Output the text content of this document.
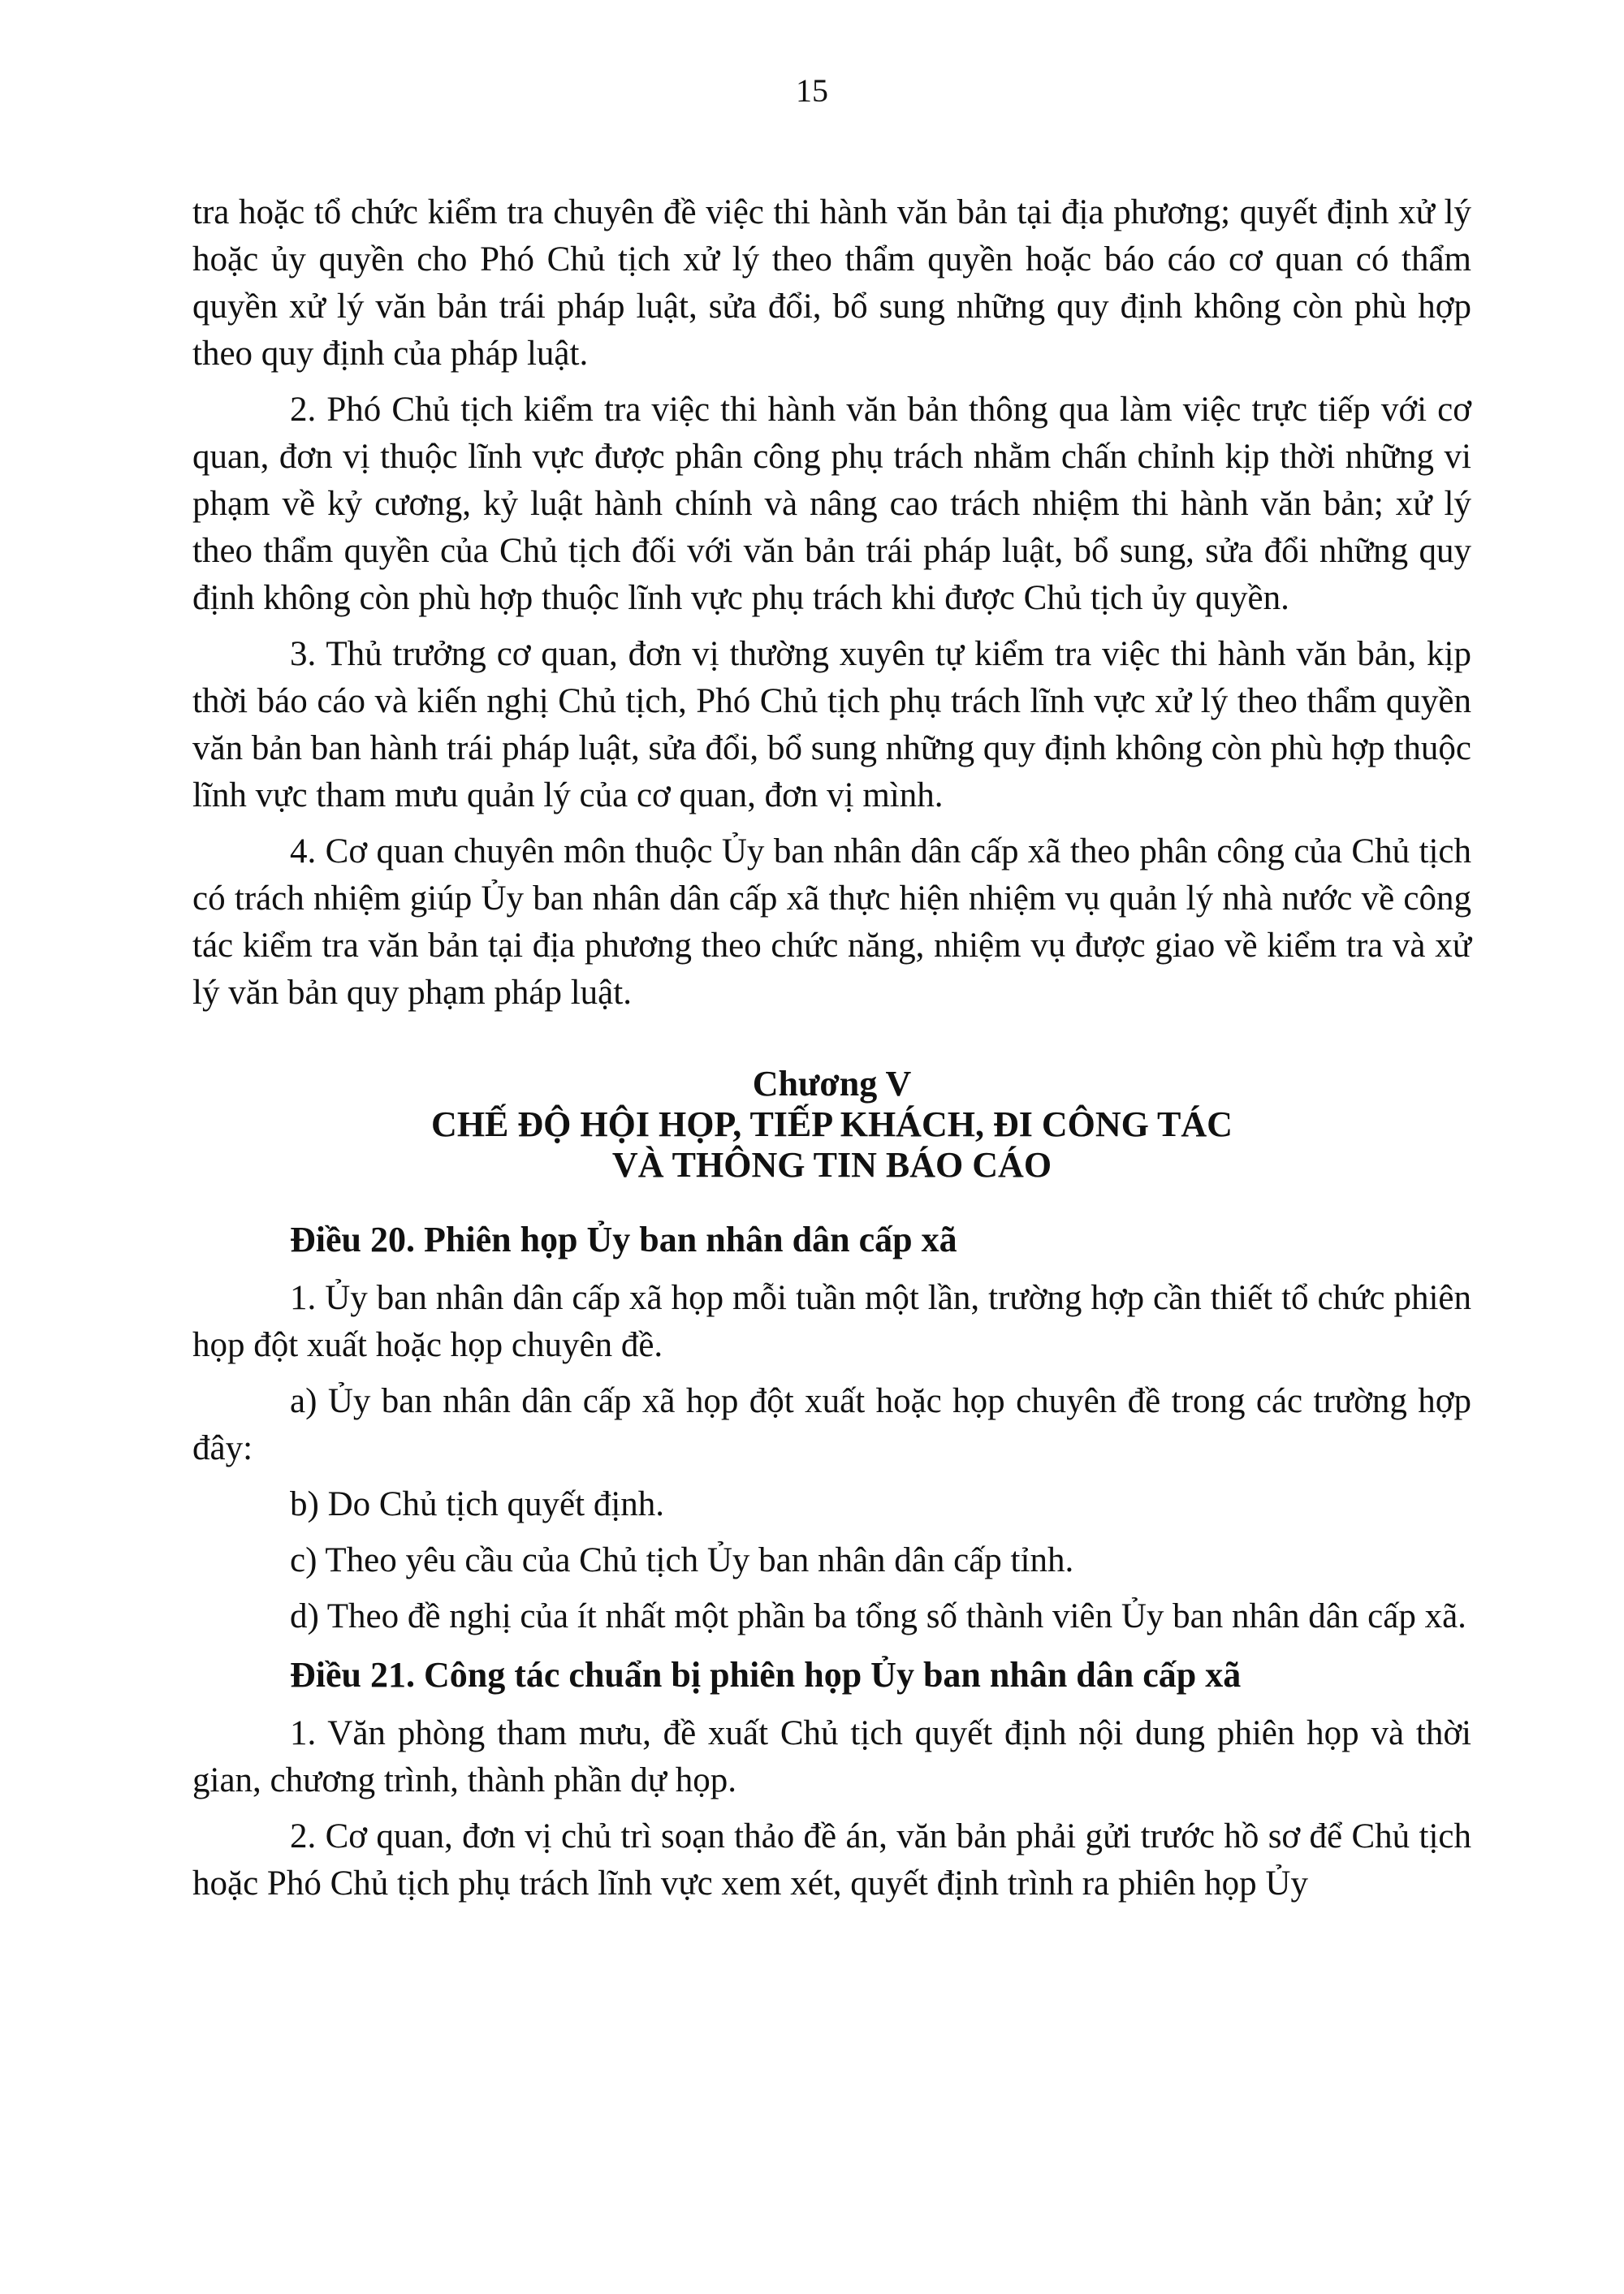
15

tra hoặc tổ chức kiểm tra chuyên đề việc thi hành văn bản tại địa phương; quyết định xử lý hoặc ủy quyền cho Phó Chủ tịch xử lý theo thẩm quyền hoặc báo cáo cơ quan có thẩm quyền xử lý văn bản trái pháp luật, sửa đổi, bổ sung những quy định không còn phù hợp theo quy định của pháp luật.

2. Phó Chủ tịch kiểm tra việc thi hành văn bản thông qua làm việc trực tiếp với cơ quan, đơn vị thuộc lĩnh vực được phân công phụ trách nhằm chấn chỉnh kịp thời những vi phạm về kỷ cương, kỷ luật hành chính và nâng cao trách nhiệm thi hành văn bản; xử lý theo thẩm quyền của Chủ tịch đối với văn bản trái pháp luật, bổ sung, sửa đổi những quy định không còn phù hợp thuộc lĩnh vực phụ trách khi được Chủ tịch ủy quyền.

3. Thủ trưởng cơ quan, đơn vị thường xuyên tự kiểm tra việc thi hành văn bản, kịp thời báo cáo và kiến nghị Chủ tịch, Phó Chủ tịch phụ trách lĩnh vực xử lý theo thẩm quyền văn bản ban hành trái pháp luật, sửa đổi, bổ sung những quy định không còn phù hợp thuộc lĩnh vực tham mưu quản lý của cơ quan, đơn vị mình.

4. Cơ quan chuyên môn thuộc Ủy ban nhân dân cấp xã theo phân công của Chủ tịch có trách nhiệm giúp Ủy ban nhân dân cấp xã thực hiện nhiệm vụ quản lý nhà nước về công tác kiểm tra văn bản tại địa phương theo chức năng, nhiệm vụ được giao về kiểm tra và xử lý văn bản quy phạm pháp luật.

Chương V
CHẾ ĐỘ HỘI HỌP, TIẾP KHÁCH, ĐI CÔNG TÁC
VÀ THÔNG TIN BÁO CÁO
Điều 20. Phiên họp Ủy ban nhân dân cấp xã

1. Ủy ban nhân dân cấp xã họp mỗi tuần một lần, trường hợp cần thiết tổ chức phiên họp đột xuất hoặc họp chuyên đề.

a) Ủy ban nhân dân cấp xã họp đột xuất hoặc họp chuyên đề trong các trường hợp đây:

b) Do Chủ tịch quyết định.

c) Theo yêu cầu của Chủ tịch Ủy ban nhân dân cấp tỉnh.

d) Theo đề nghị của ít nhất một phần ba tổng số thành viên Ủy ban nhân dân cấp xã.

Điều 21. Công tác chuẩn bị phiên họp Ủy ban nhân dân cấp xã

1. Văn phòng tham mưu, đề xuất Chủ tịch quyết định nội dung phiên họp và thời gian, chương trình, thành phần dự họp.

2. Cơ quan, đơn vị chủ trì soạn thảo đề án, văn bản phải gửi trước hồ sơ để Chủ tịch hoặc Phó Chủ tịch phụ trách lĩnh vực xem xét, quyết định trình ra phiên họp Ủy
